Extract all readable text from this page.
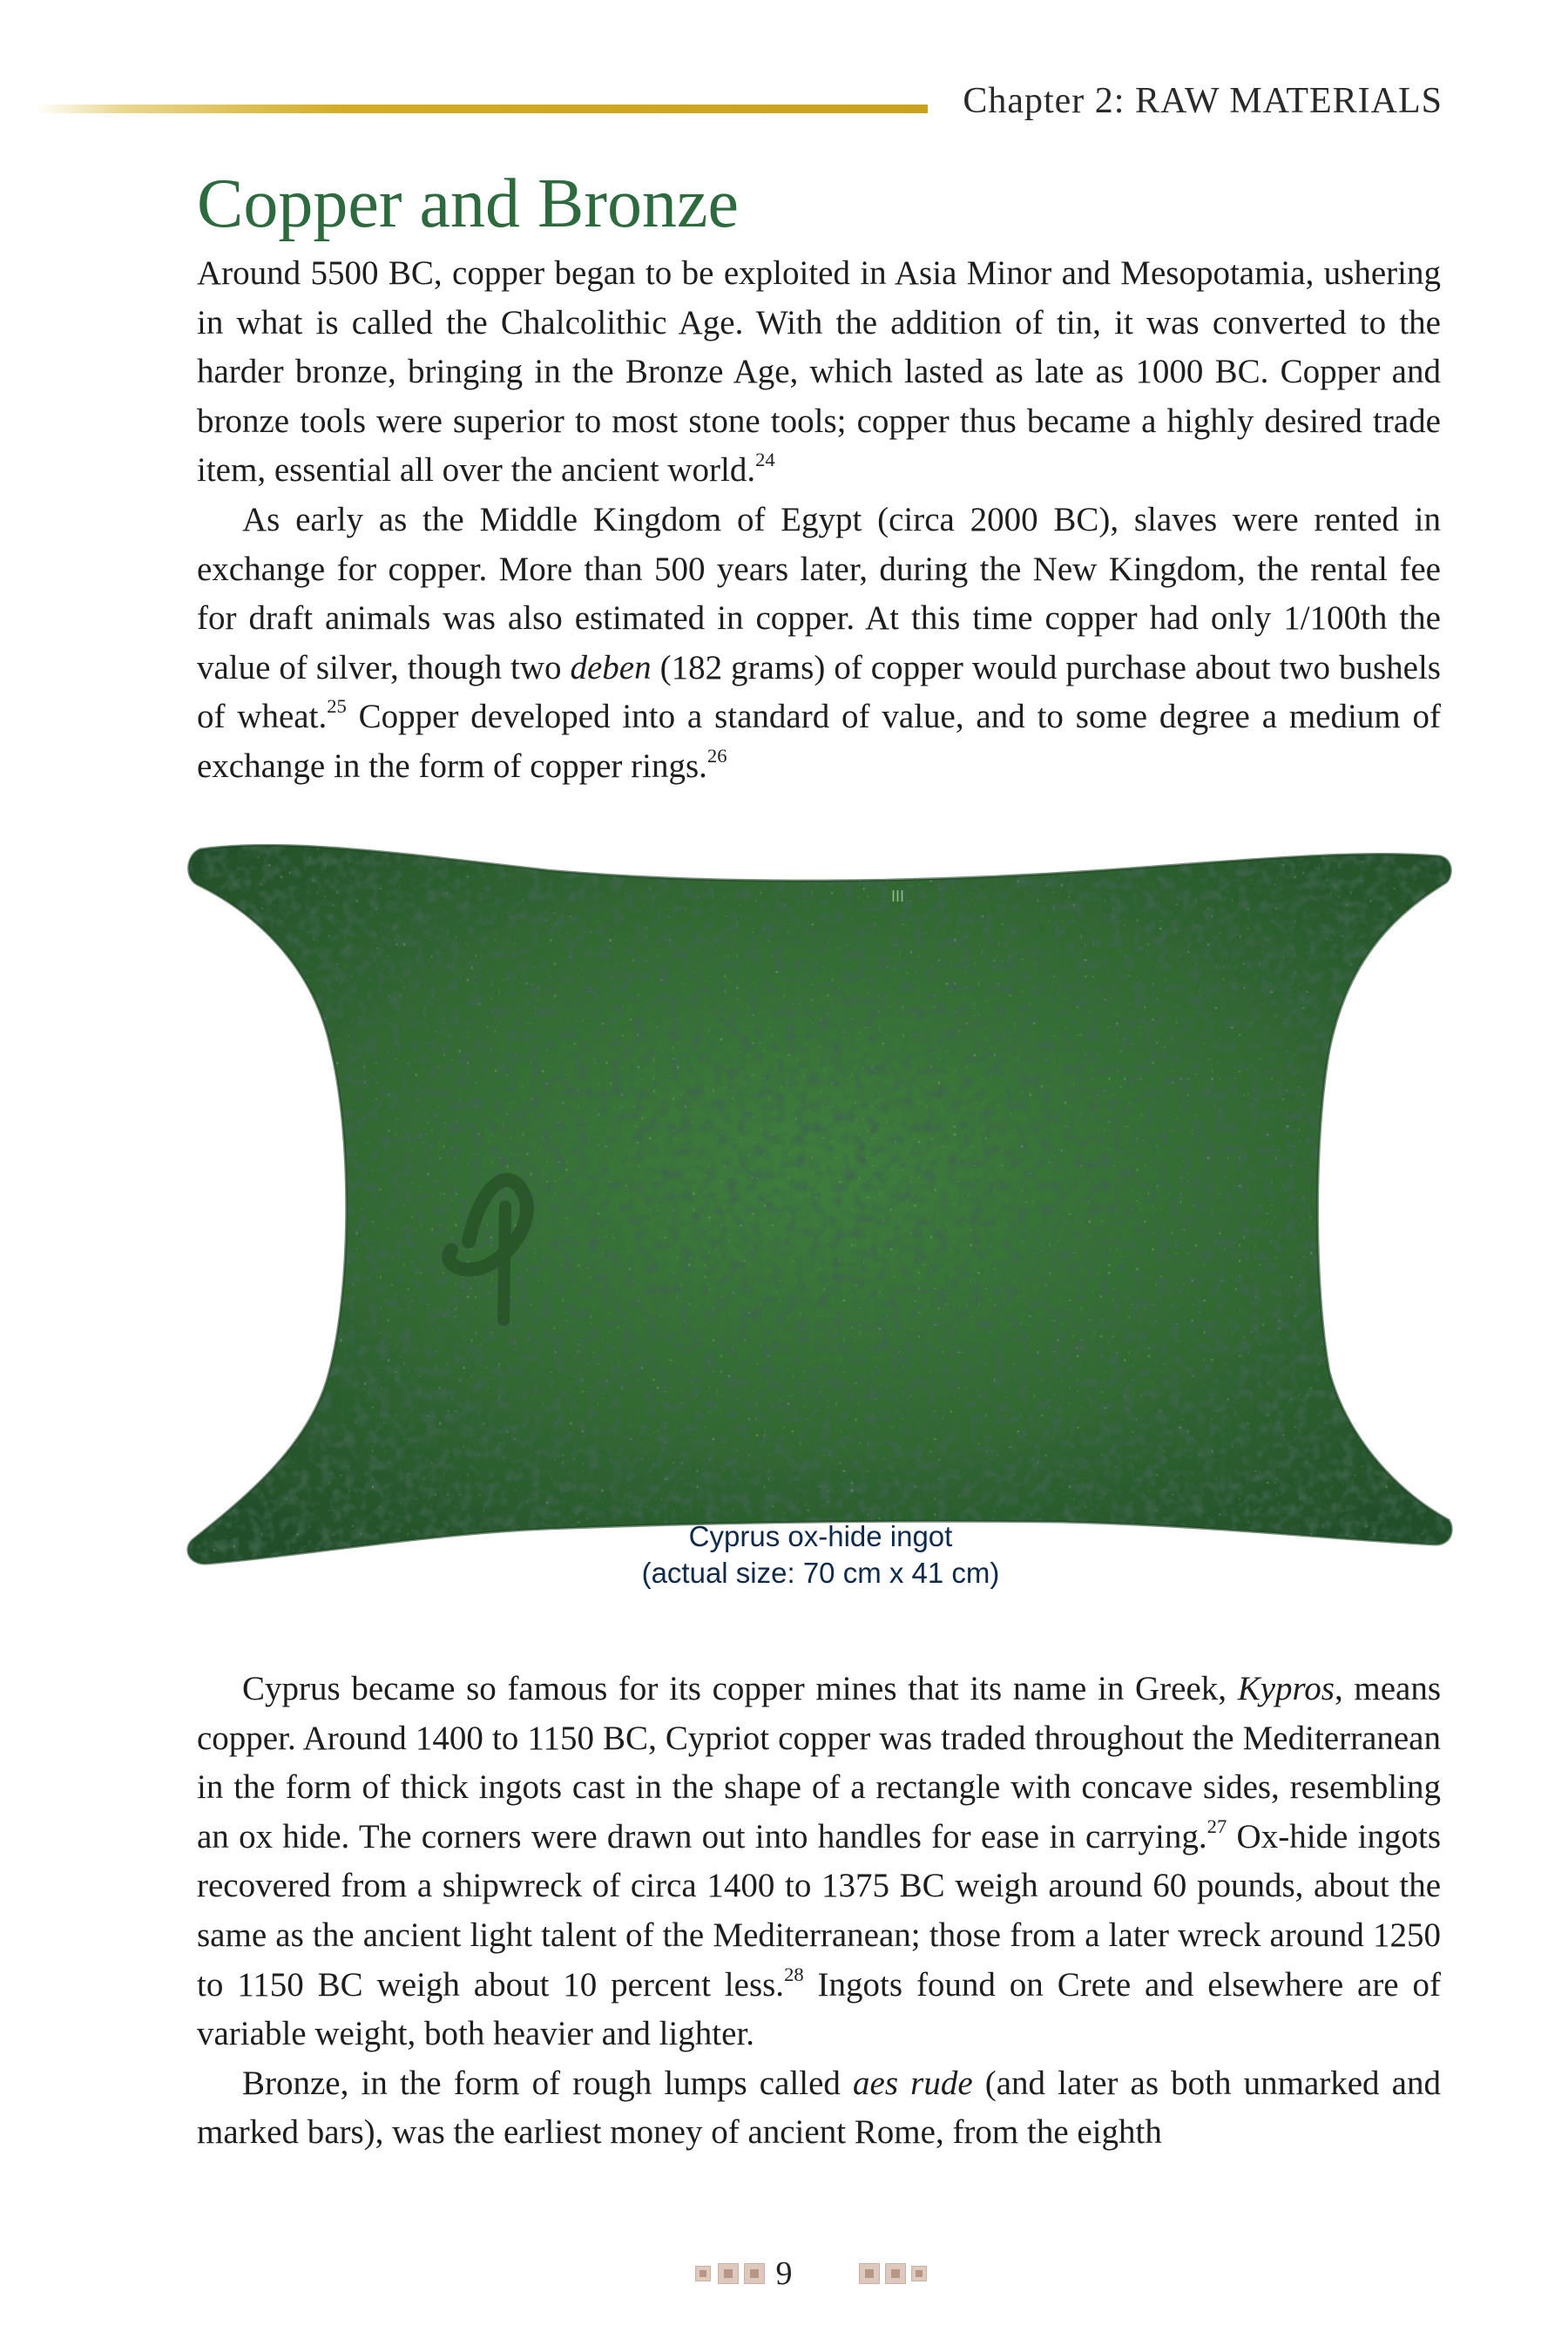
Chapter 2: RAW MATERIALS
Copper and Bronze

Around 5500 BC, copper began to be exploited in Asia Minor and Mesopotamia, ushering in what is called the Chalcolithic Age. With the addition of tin, it was converted to the harder bronze, bringing in the Bronze Age, which lasted as late as 1000 BC. Copper and bronze tools were superior to most stone tools; copper thus became a highly desired trade item, essential all over the ancient world.$^{24}$

As early as the Middle Kingdom of Egypt (circa 2000 BC), slaves were rented in exchange for copper. More than 500 years later, during the New Kingdom, the rental fee for draft animals was also estimated in copper. At this time copper had only 1/100th the value of silver, though two deben (182 grams) of copper would purchase about two bushels of wheat.$^{25}$ Copper developed into a standard of value, and to some degree a medium of exchange in the form of copper rings.$^{26}$

III
Cyprus ox-hide ingot
(actual size: 70 cm x 41 cm)

Cyprus became so famous for its copper mines that its name in Greek, Kypros, means copper. Around 1400 to 1150 BC, Cypriot copper was traded throughout the Mediterranean in the form of thick ingots cast in the shape of a rectangle with concave sides, resembling an ox hide. The corners were drawn out into handles for ease in carrying.$^{27}$ Ox-hide ingots recovered from a shipwreck of circa 1400 to 1375 BC weigh around 60 pounds, about the same as the ancient light talent of the Mediterranean; those from a later wreck around 1250 to 1150 BC weigh about 10 percent less.$^{28}$ Ingots found on Crete and elsewhere are of variable weight, both heavier and lighter.

Bronze, in the form of rough lumps called aes rude (and later as both unmarked and marked bars), was the earliest money of ancient Rome, from the eighth

9
